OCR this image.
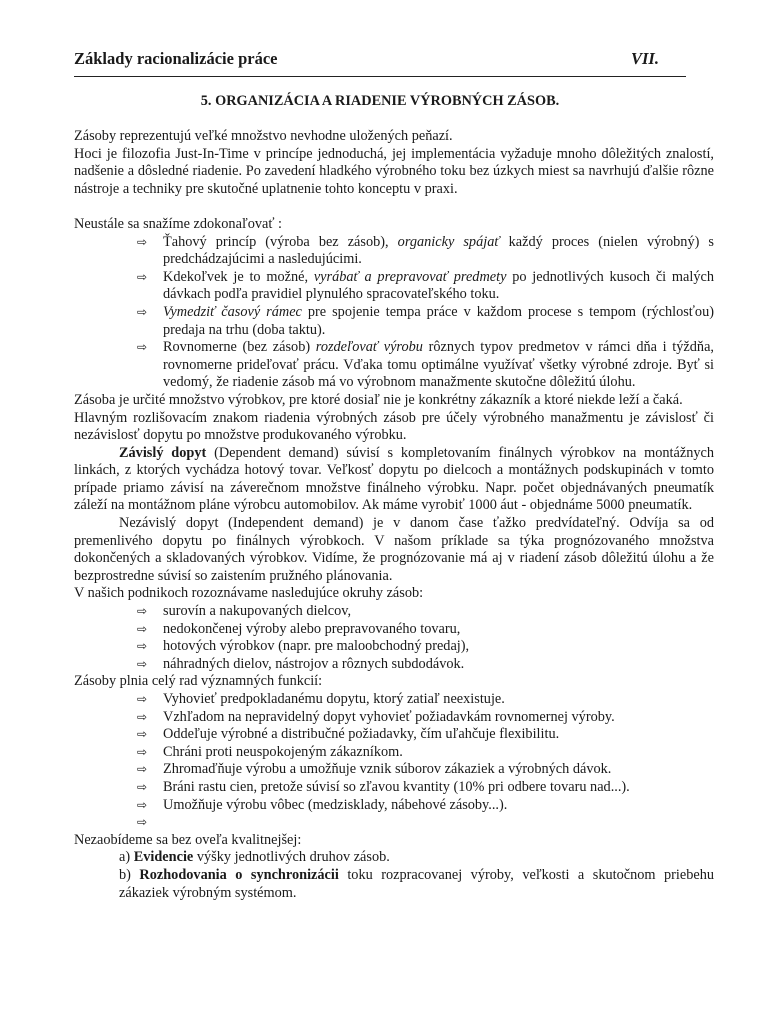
Základy racionalizácie práce	VII.
5. ORGANIZÁCIA A RIADENIE VÝROBNÝCH ZÁSOB.

Zásoby reprezentujú veľké množstvo nevhodne uložených peňazí.

Hoci je filozofia Just-In-Time v princípe jednoduchá, jej implementácia vyžaduje mnoho dôležitých znalostí, nadšenie a dôsledné riadenie. Po zavedení hladkého výrobného toku bez úzkych miest sa navrhujú ďalšie rôzne nástroje a techniky pre skutočné uplatnenie tohto konceptu v praxi.

Neustále sa snažíme zdokonaľovať :

⇨	Ťahový princíp (výroba bez zásob), organicky spájať každý proces (nielen výrobný) s predchádzajúcimi a nasledujúcimi.
⇨	Kdekoľvek je to možné, vyrábať a prepravovať predmety po jednotlivých kusoch či malých dávkach podľa pravidiel plynulého spracovateľského toku.
⇨	Vymedziť časový rámec pre spojenie tempa práce v každom procese s tempom (rýchlosťou) predaja na trhu (doba taktu).
⇨	Rovnomerne (bez zásob) rozdeľovať výrobu rôznych typov predmetov v rámci dňa i týždňa, rovnomerne prideľovať prácu. Vďaka tomu optimálne využívať všetky výrobné zdroje. Byť si vedomý, že riadenie zásob má vo výrobnom manažmente skutočne dôležitú úlohu.

Zásoba je určité množstvo výrobkov, pre ktoré dosiaľ nie je konkrétny zákazník a ktoré niekde leží a čaká.

Hlavným rozlišovacím znakom riadenia výrobných zásob pre účely výrobného manažmentu je závislosť či nezávislosť dopytu po množstve produkovaného výrobku.

Závislý dopyt (Dependent demand) súvisí s kompletovaním finálnych výrobkov na montážnych linkách, z ktorých vychádza hotový tovar. Veľkosť dopytu po dielcoch a montážnych podskupinách v tomto prípade priamo závisí na záverečnom množstve finálneho výrobku. Napr. počet objednávaných pneumatík záleží na montážnom pláne výrobcu automobilov. Ak máme vyrobiť 1000 áut - objednáme 5000 pneumatík.

Nezávislý dopyt (Independent demand) je v danom čase ťažko predvídateľný. Odvíja sa od premenlivého dopytu po finálnych výrobkoch. V našom príklade sa týka prognózovaného množstva dokončených a skladovaných výrobkov. Vidíme, že prognózovanie má aj v riadení zásob dôležitú úlohu a že bezprostredne súvisí so zaistením pružného plánovania.

V našich podnikoch rozoznávame nasledujúce okruhy zásob:

⇨	surovín a nakupovaných dielcov,
⇨	nedokončenej výroby alebo prepravovaného tovaru,
⇨	hotových výrobkov (napr. pre maloobchodný predaj),
⇨	náhradných dielov, nástrojov a rôznych subdodávok.

Zásoby plnia celý rad významných funkcií:

⇨	Vyhovieť predpokladanému dopytu, ktorý zatiaľ neexistuje.
⇨	Vzhľadom na nepravidelný dopyt vyhovieť požiadavkám rovnomernej výroby.
⇨	Oddeľuje výrobné a distribučné požiadavky, čím uľahčuje flexibilitu.
⇨	Chráni proti neuspokojeným zákazníkom.
⇨	Zhromaďňuje výrobu a umožňuje vznik súborov zákaziek a výrobných dávok.
⇨	Bráni rastu cien, pretože súvisí so zľavou kvantity (10% pri odbere tovaru nad...).
⇨	Umožňuje výrobu vôbec (medzisklady, nábehové zásoby...).
⇨

Nezaobídeme sa bez oveľa kvalitnejšej:

a) Evidencie výšky jednotlivých druhov zásob.

b) Rozhodovania o synchronizácii toku rozpracovanej výroby, veľkosti a skutočnom priebehu zákaziek výrobným systémom.
